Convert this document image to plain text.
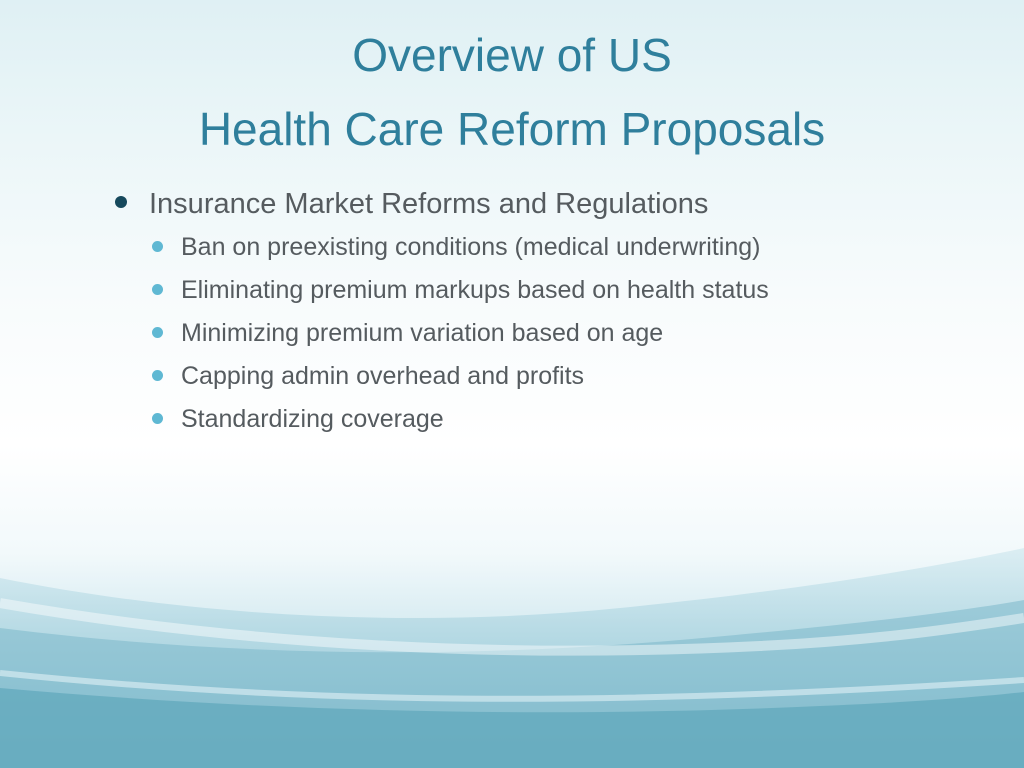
Overview of US
Health Care Reform Proposals
Insurance Market Reforms and Regulations
Ban on preexisting conditions (medical underwriting)
Eliminating premium markups based on health status
Minimizing premium variation based on age
Capping admin overhead and profits
Standardizing coverage
